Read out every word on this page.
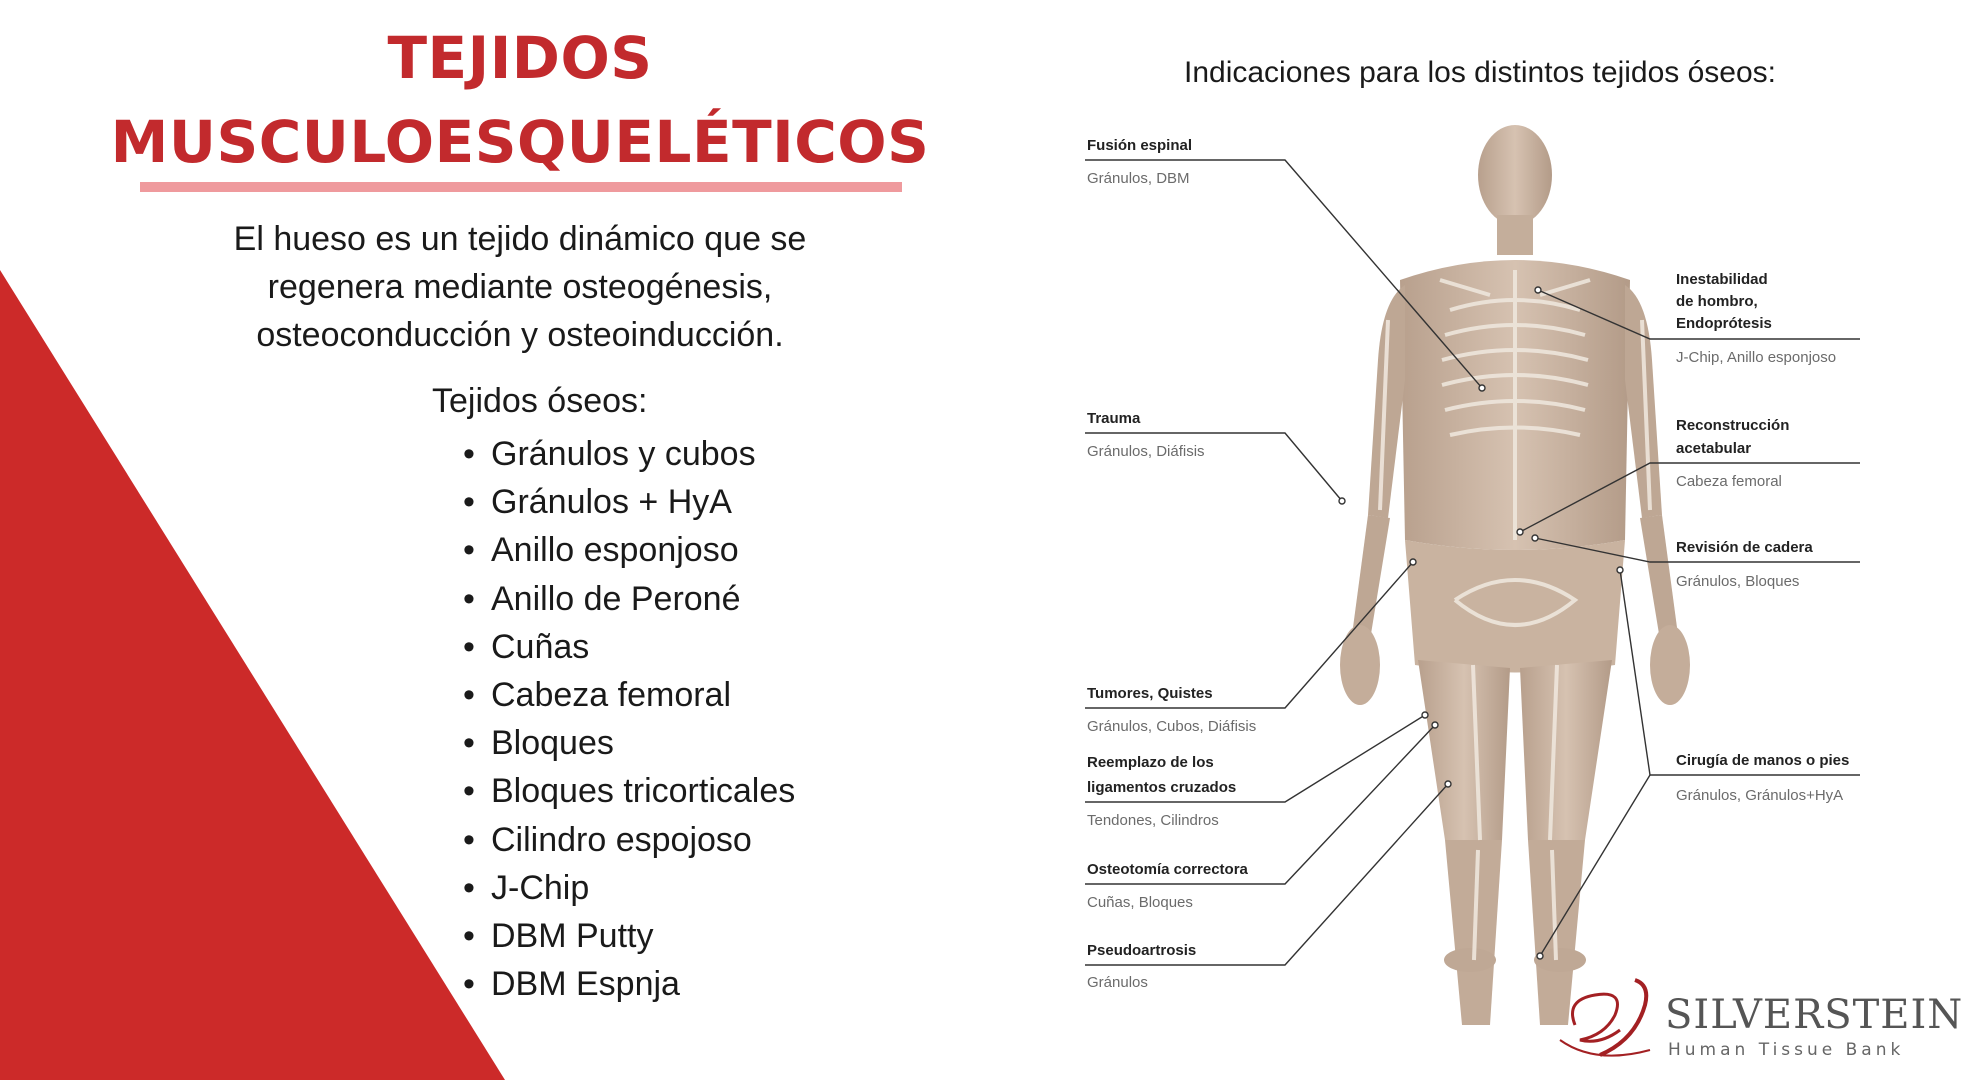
TEJIDOS
MUSCULOESQUELÉTICOS
El hueso es un tejido dinámico que se regenera mediante osteogénesis, osteoconducción y osteoinducción.
Tejidos óseos:
• Gránulos y cubos
• Gránulos + HyA
• Anillo esponjoso
• Anillo de Peroné
• Cuñas
• Cabeza femoral
• Bloques
• Bloques tricorticales
• Cilindro espojoso
• J-Chip
• DBM Putty
• DBM Espnja
Indicaciones para los distintos tejidos óseos:
Fusión espinal
Gránulos, DBM
Trauma
Gránulos, Diáfisis
Tumores, Quistes
Gránulos, Cubos, Diáfisis
Reemplazo de los
ligamentos cruzados
Tendones, Cilindros
Osteotomía correctora
Cuñas, Bloques
Pseudoartrosis
Gránulos
Inestabilidad
de hombro,
Endoprótesis
J-Chip, Anillo esponjoso
Reconstrucción
acetabular
Cabeza femoral
Revisión de cadera
Gránulos, Bloques
Cirugía de manos o pies
Gránulos, Gránulos+HyA
SILVERSTEIN
Human Tissue Bank
